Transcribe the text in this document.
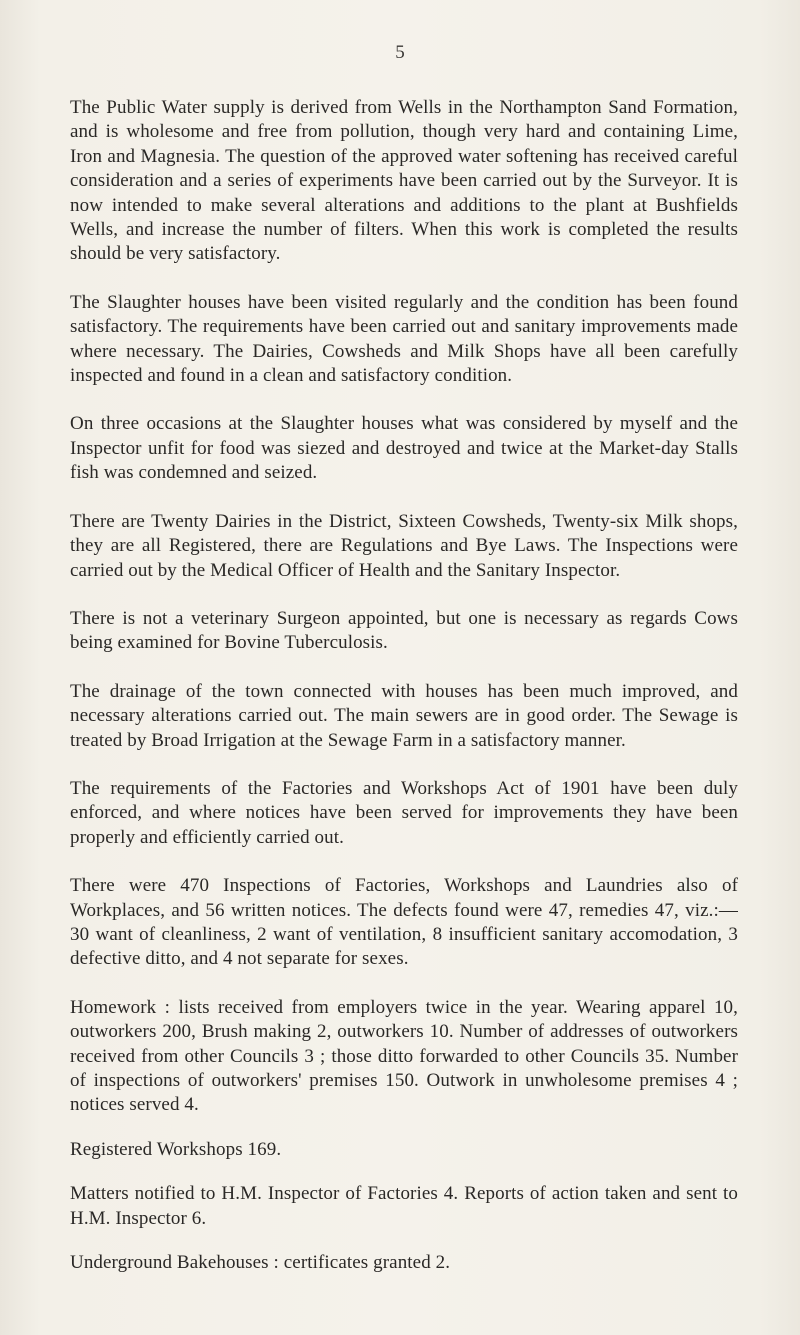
5

The Public Water supply is derived from Wells in the Northampton Sand Formation, and is wholesome and free from pollution, though very hard and containing Lime, Iron and Magnesia. The question of the approved water softening has received careful consideration and a series of experiments have been carried out by the Surveyor. It is now intended to make several alterations and additions to the plant at Bushfields Wells, and increase the number of filters. When this work is completed the results should be very satisfactory.

The Slaughter houses have been visited regularly and the condition has been found satisfactory. The requirements have been carried out and sanitary improvements made where necessary. The Dairies, Cowsheds and Milk Shops have all been carefully inspected and found in a clean and satisfactory condition.

On three occasions at the Slaughter houses what was considered by myself and the Inspector unfit for food was siezed and destroyed and twice at the Market-day Stalls fish was condemned and seized.

There are Twenty Dairies in the District, Sixteen Cowsheds, Twenty-six Milk shops, they are all Registered, there are Regulations and Bye Laws. The Inspections were carried out by the Medical Officer of Health and the Sanitary Inspector.

There is not a veterinary Surgeon appointed, but one is necessary as regards Cows being examined for Bovine Tuberculosis.

The drainage of the town connected with houses has been much improved, and necessary alterations carried out. The main sewers are in good order. The Sewage is treated by Broad Irrigation at the Sewage Farm in a satisfactory manner.

The requirements of the Factories and Workshops Act of 1901 have been duly enforced, and where notices have been served for improvements they have been properly and efficiently carried out.

There were 470 Inspections of Factories, Workshops and Laundries also of Workplaces, and 56 written notices. The defects found were 47, remedies 47, viz.:—30 want of cleanliness, 2 want of ventilation, 8 insufficient sanitary accomodation, 3 defective ditto, and 4 not separate for sexes.

Homework : lists received from employers twice in the year. Wearing apparel 10, outworkers 200, Brush making 2, outworkers 10. Number of addresses of outworkers received from other Councils 3 ; those ditto forwarded to other Councils 35. Number of inspections of outworkers' premises 150. Outwork in unwholesome premises 4 ; notices served 4.

Registered Workshops 169.

Matters notified to H.M. Inspector of Factories 4. Reports of action taken and sent to H.M. Inspector 6.

Underground Bakehouses : certificates granted 2.
